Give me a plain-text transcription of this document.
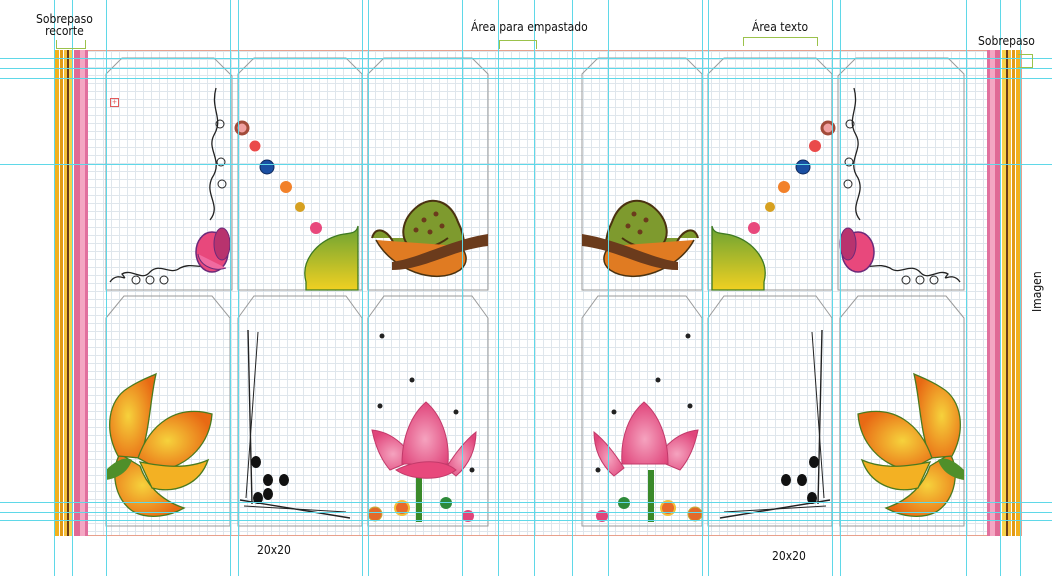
+
Sobrepaso
recorte	Área para empastado	Área texto
Sobrepaso
Imagen
20x20	20x20
